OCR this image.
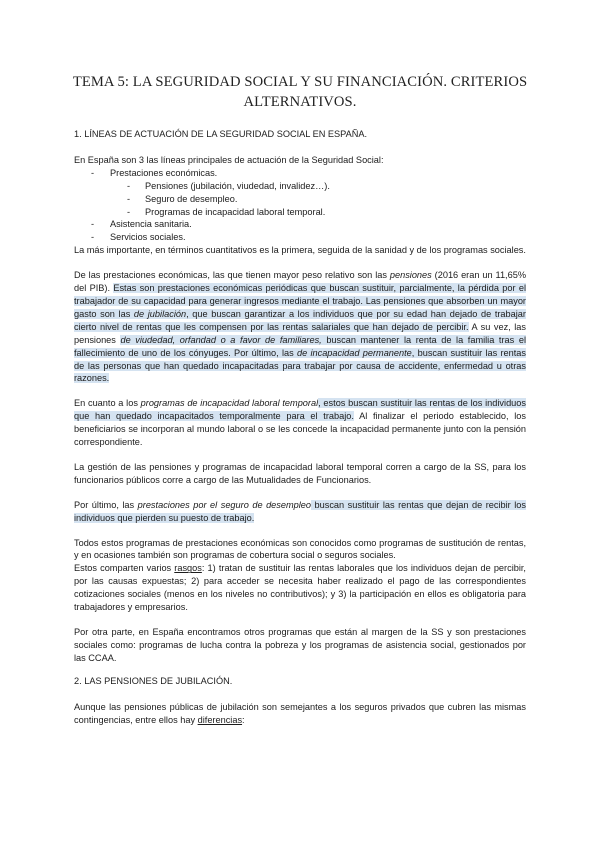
TEMA 5: LA SEGURIDAD SOCIAL Y SU FINANCIACIÓN. CRITERIOS ALTERNATIVOS.

1. LÍNEAS DE ACTUACIÓN DE LA SEGURIDAD SOCIAL EN ESPAÑA.

En España son 3 las líneas principales de actuación de la Seguridad Social:

- Prestaciones económicas.
- Pensiones (jubilación, viudedad, invalidez…).
- Seguro de desempleo.
- Programas de incapacidad laboral temporal.
- Asistencia sanitaria.
- Servicios sociales.

La más importante, en términos cuantitativos es la primera, seguida de la sanidad y de los programas sociales.

De las prestaciones económicas, las que tienen mayor peso relativo son las pensiones (2016 eran un 11,65% del PIB). Estas son prestaciones económicas periódicas que buscan sustituir, parcialmente, la pérdida por el trabajador de su capacidad para generar ingresos mediante el trabajo. Las pensiones que absorben un mayor gasto son las de jubilación, que buscan garantizar a los individuos que por su edad han dejado de trabajar cierto nivel de rentas que les compensen por las rentas salariales que han dejado de percibir. A su vez, las pensiones de viudedad, orfandad o a favor de familiares, buscan mantener la renta de la familia tras el fallecimiento de uno de los cónyuges. Por último, las de incapacidad permanente, buscan sustituir las rentas de las personas que han quedado incapacitadas para trabajar por causa de accidente, enfermedad u otras razones.

En cuanto a los programas de incapacidad laboral temporal, estos buscan sustituir las rentas de los individuos que han quedado incapacitados temporalmente para el trabajo. Al finalizar el periodo establecido, los beneficiarios se incorporan al mundo laboral o se les concede la incapacidad permanente junto con la pensión correspondiente.

La gestión de las pensiones y programas de incapacidad laboral temporal corren a cargo de la SS, para los funcionarios públicos corre a cargo de las Mutualidades de Funcionarios.

Por último, las prestaciones por el seguro de desempleo buscan sustituir las rentas que dejan de recibir los individuos que pierden su puesto de trabajo.

Todos estos programas de prestaciones económicas son conocidos como programas de sustitución de rentas, y en ocasiones también son programas de cobertura social o seguros sociales.
Estos comparten varios rasgos: 1) tratan de sustituir las rentas laborales que los individuos dejan de percibir, por las causas expuestas; 2) para acceder se necesita haber realizado el pago de las correspondientes cotizaciones sociales (menos en los niveles no contributivos); y 3) la participación en ellos es obligatoria para trabajadores y empresarios.

Por otra parte, en España encontramos otros programas que están al margen de la SS y son prestaciones sociales como: programas de lucha contra la pobreza y los programas de asistencia social, gestionados por las CCAA.

2. LAS PENSIONES DE JUBILACIÓN.

Aunque las pensiones públicas de jubilación son semejantes a los seguros privados que cubren las mismas contingencias, entre ellos hay diferencias:
